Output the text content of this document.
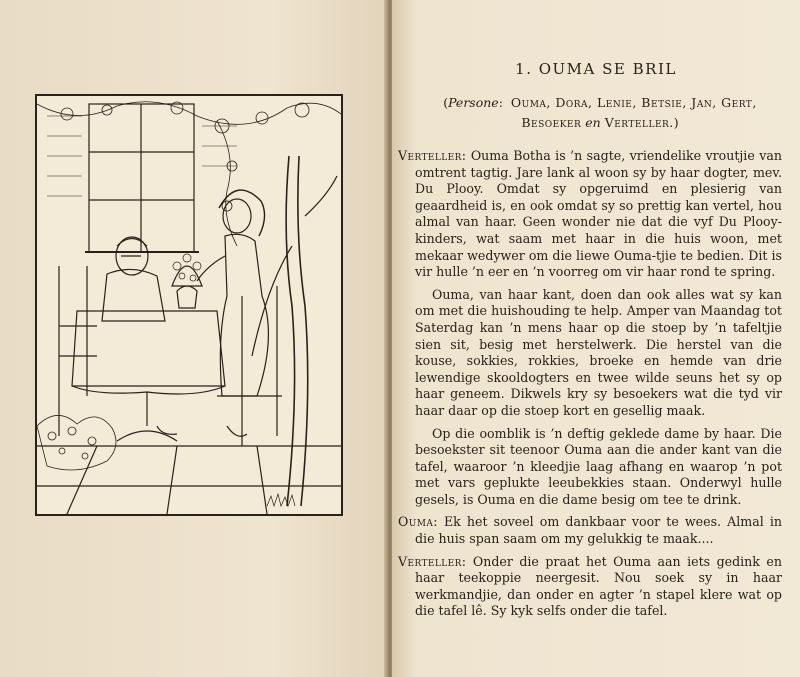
1. OUMA SE BRIL
(Persone:  Ouma, Dora, Lenie, Betsie, Jan, Gert,
Besoeker en Verteller.)

Verteller: Ouma Botha is ’n sagte, vriendelike vroutjie van omtrent tagtig. Jare lank al woon sy by haar dogter, mev. Du Plooy. Omdat sy opgeruimd en plesierig van geaardheid is, en ook omdat sy so prettig kan vertel, hou almal van haar. Geen wonder nie dat die vyf Du Plooy-kinders, wat saam met haar in die huis woon, met mekaar wedywer om die liewe Ouma-tjie te bedien. Dit is vir hulle ’n eer en ’n voorreg om vir haar rond te spring.

Ouma, van haar kant, doen dan ook alles wat sy kan om met die huishouding te help. Amper van Maandag tot Saterdag kan ’n mens haar op die stoep by ’n tafeltjie sien sit, besig met herstelwerk. Die herstel van die kouse, sokkies, rokkies, broeke en hemde van drie lewendige skooldogters en twee wilde seuns het sy op haar geneem. Dikwels kry sy besoekers wat die tyd vir haar daar op die stoep kort en gesellig maak.

Op die oomblik is ’n deftig geklede dame by haar. Die besoekster sit teenoor Ouma aan die ander kant van die tafel, waaroor ’n kleedjie laag afhang en waarop ’n pot met vars geplukte leeubekkies staan. Onderwyl hulle gesels, is Ouma en die dame besig om tee te drink.

Ouma: Ek het soveel om dankbaar voor te wees. Almal in die huis span saam om my gelukkig te maak....

Verteller: Onder die praat het Ouma aan iets gedink en haar teekoppie neergesit. Nou soek sy in haar werkmandjie, dan onder en agter ’n stapel klere wat op die tafel lê. Sy kyk selfs onder die tafel.
